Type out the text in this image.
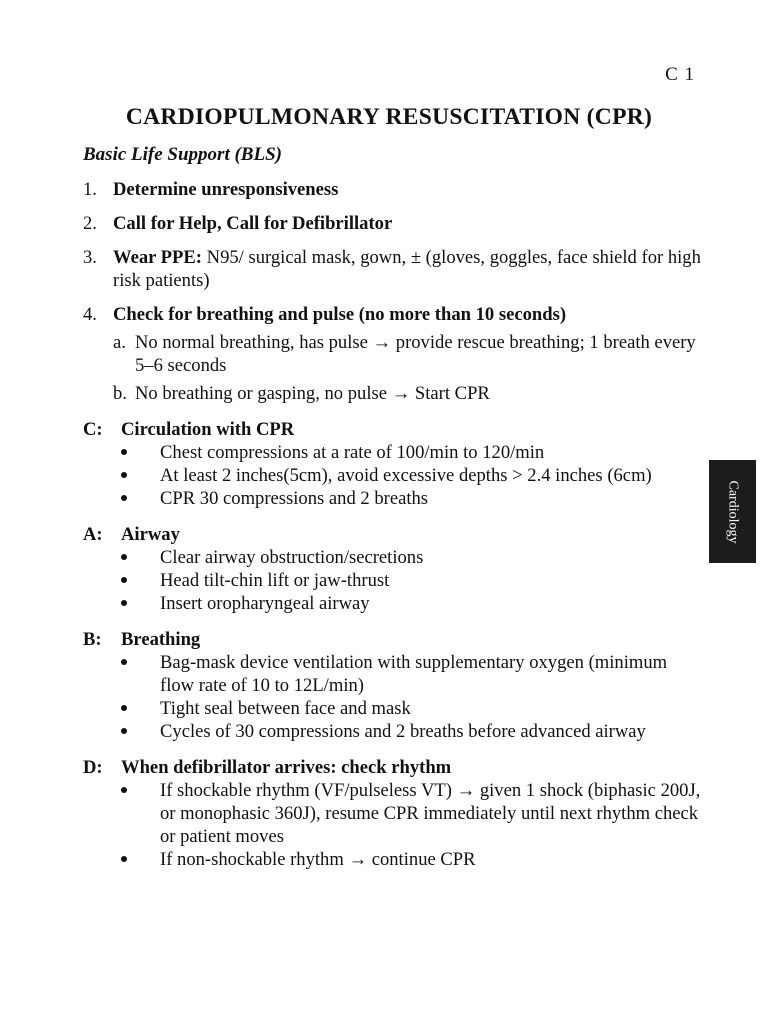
C 1
CARDIOPULMONARY RESUSCITATION (CPR)
Basic Life Support (BLS)
1. Determine unresponsiveness
2. Call for Help, Call for Defibrillator
3. Wear PPE: N95/ surgical mask, gown, ± (gloves, goggles, face shield for high risk patients)
4. Check for breathing and pulse (no more than 10 seconds)
a. No normal breathing, has pulse → provide rescue breathing; 1 breath every 5–6 seconds
b. No breathing or gasping, no pulse → Start CPR
C: Circulation with CPR
Chest compressions at a rate of 100/min to 120/min
At least 2 inches(5cm), avoid excessive depths > 2.4 inches (6cm)
CPR 30 compressions and 2 breaths
A: Airway
Clear airway obstruction/secretions
Head tilt-chin lift or jaw-thrust
Insert oropharyngeal airway
B:	Breathing
Bag-mask device ventilation with supplementary oxygen (minimum flow rate of 10 to 12L/min)
Tight seal between face and mask
Cycles of 30 compressions and 2 breaths before advanced airway
D: When defibrillator arrives: check rhythm
If shockable rhythm (VF/pulseless VT) → given 1 shock (biphasic 200J, or monophasic 360J), resume CPR immediately until next rhythm check or patient moves
If non-shockable rhythm → continue CPR
Cardiology
